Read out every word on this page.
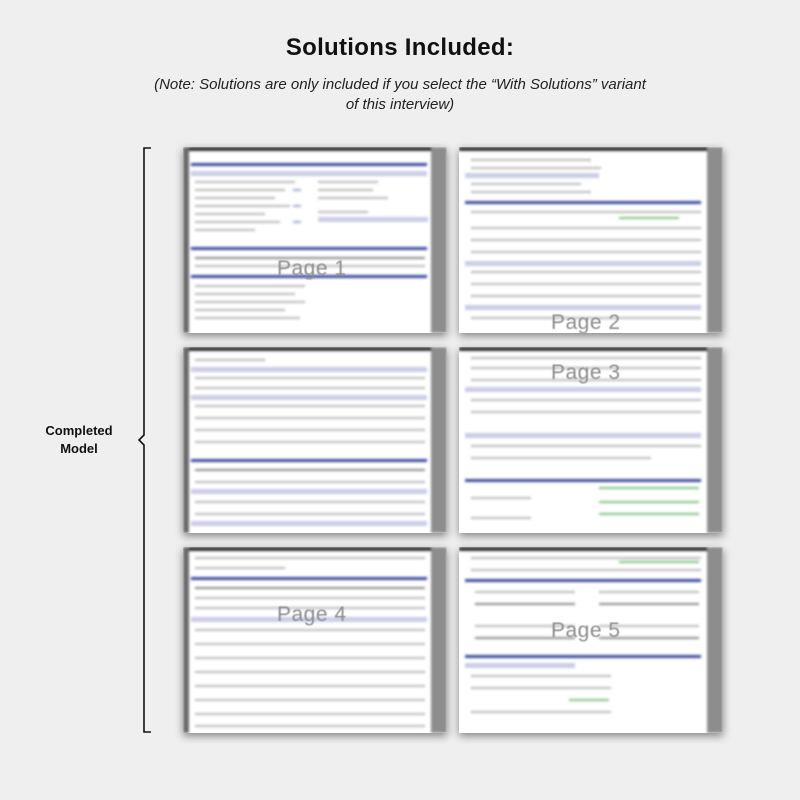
Solutions Included:
(Note: Solutions are only included if you select the “With Solutions” variant of this interview)
Completed Model
Page 1
Page 2
Page 3
Page 4
Page 5
